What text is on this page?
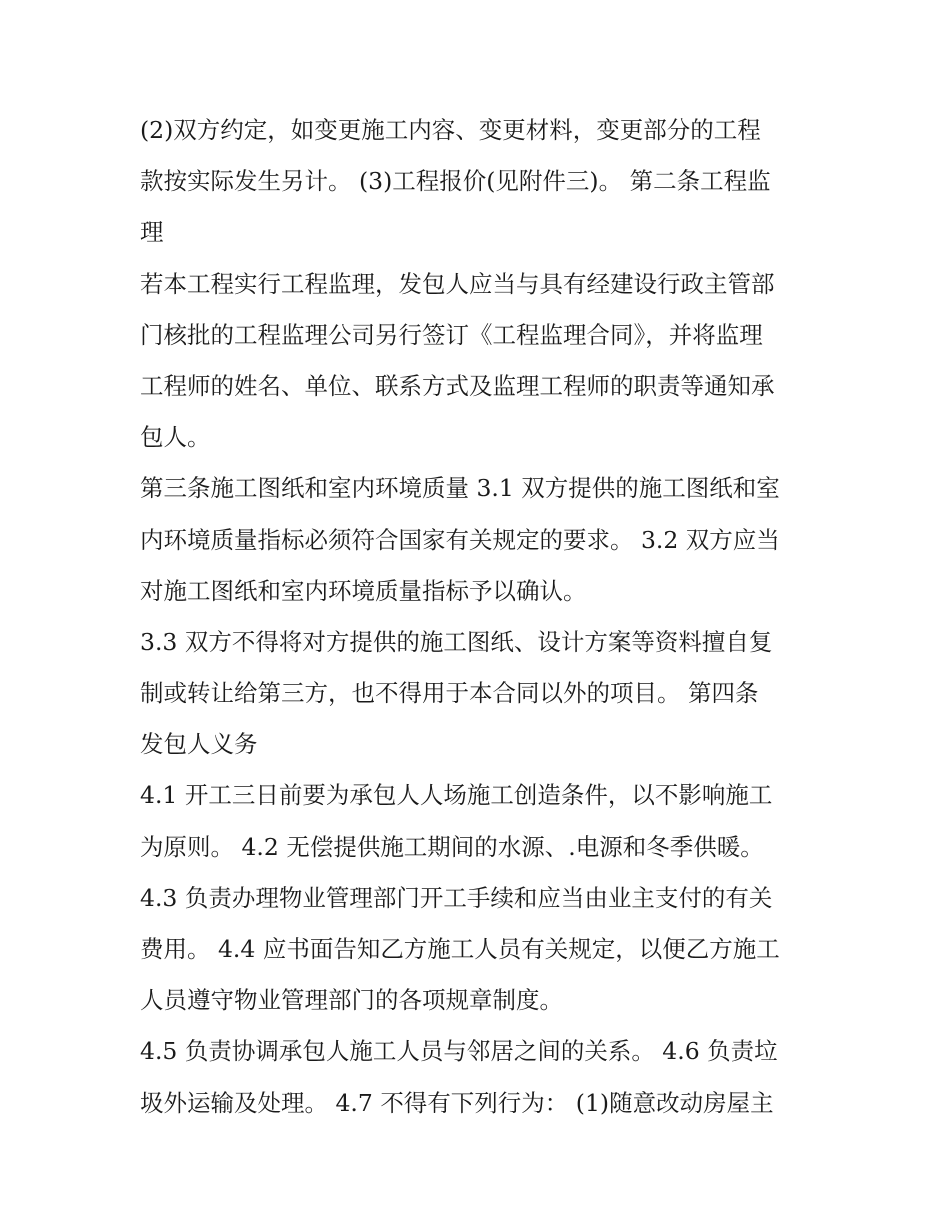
(2)双方约定，如变更施工内容、变更材料，变更部分的工程
款按实际发生另计。 (3)工程报价(见附件三)。 第二条工程监
理
若本工程实行工程监理，发包人应当与具有经建设行政主管部
门核批的工程监理公司另行签订《工程监理合同》，并将监理
工程师的姓名、单位、联系方式及监理工程师的职责等通知承
包人。
第三条施工图纸和室内环境质量 3.1 双方提供的施工图纸和室
内环境质量指标必须符合国家有关规定的要求。 3.2 双方应当
对施工图纸和室内环境质量指标予以确认。
3.3 双方不得将对方提供的施工图纸、设计方案等资料擅自复
制或转让给第三方，也不得用于本合同以外的项目。 第四条
发包人义务
4.1 开工三日前要为承包人人场施工创造条件，以不影响施工
为原则。 4.2 无偿提供施工期间的水源、.电源和冬季供暖。
4.3 负责办理物业管理部门开工手续和应当由业主支付的有关
费用。 4.4 应书面告知乙方施工人员有关规定，以便乙方施工
人员遵守物业管理部门的各项规章制度。
4.5 负责协调承包人施工人员与邻居之间的关系。 4.6 负责垃
圾外运输及处理。 4.7 不得有下列行为： (1)随意改动房屋主
